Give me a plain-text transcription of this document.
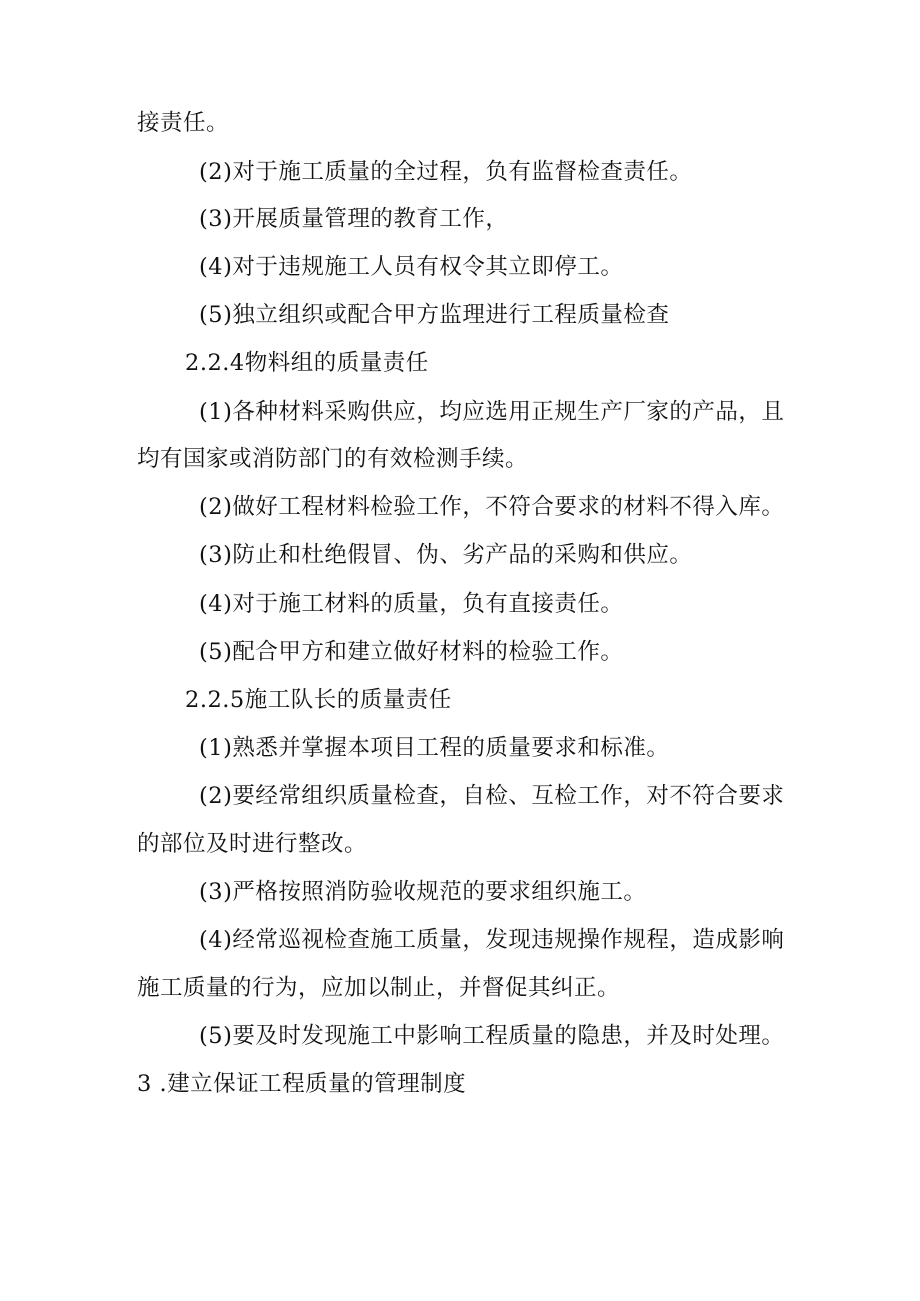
接责任。
(2)对于施工质量的全过程，负有监督检查责任。
(3)开展质量管理的教育工作，
(4)对于违规施工人员有权令其立即停工。
(5)独立组织或配合甲方监理进行工程质量检查
2.2.4物料组的质量责任
(1)各种材料采购供应，均应选用正规生产厂家的产品，且
均有国家或消防部门的有效检测手续。
(2)做好工程材料检验工作，不符合要求的材料不得入库。
(3)防止和杜绝假冒、伪、劣产品的采购和供应。
(4)对于施工材料的质量，负有直接责任。
(5)配合甲方和建立做好材料的检验工作。
2.2.5施工队长的质量责任
(1)熟悉并掌握本项目工程的质量要求和标准。
(2)要经常组织质量检查，自检、互检工作，对不符合要求
的部位及时进行整改。
(3)严格按照消防验收规范的要求组织施工。
(4)经常巡视检查施工质量，发现违规操作规程，造成影响
施工质量的行为，应加以制止，并督促其纠正。
(5)要及时发现施工中影响工程质量的隐患，并及时处理。
3 .建立保证工程质量的管理制度
